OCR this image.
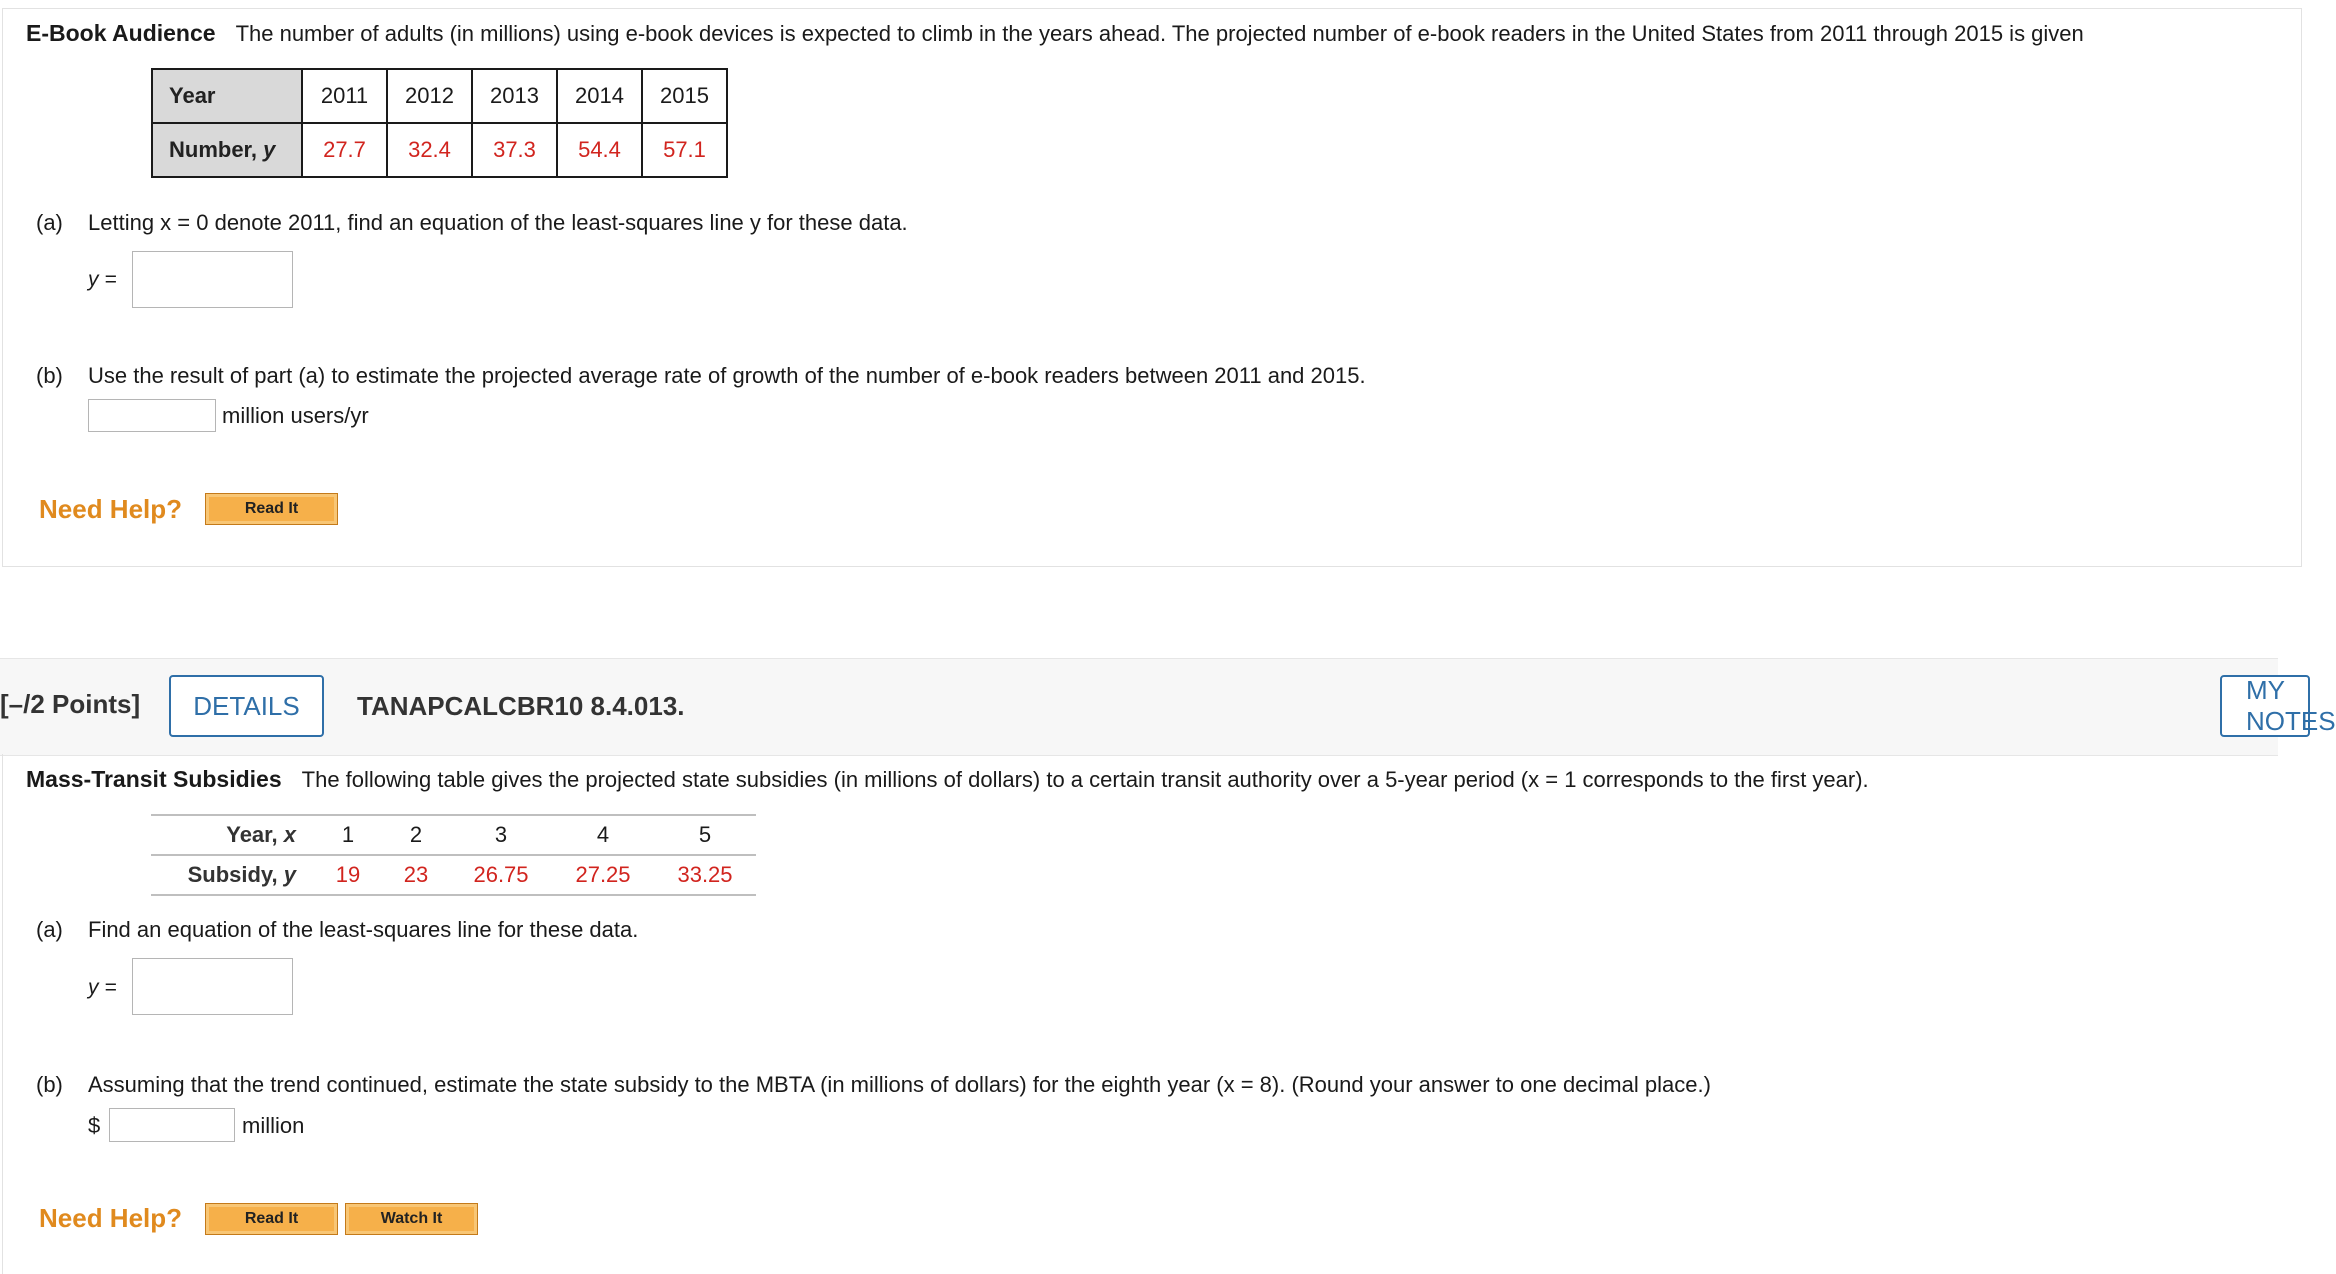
E-Book Audience The number of adults (in millions) using e-book devices is expected to climb in the years ahead. The projected number of e-book readers in the United States from 2011 through 2015 is given
Year	2011	2012	2013	2014	2015
Number, y	27.7	32.4	37.3	54.4	57.1
(a) Letting x = 0 denote 2011, find an equation of the least-squares line y for these data.
y =
(b) Use the result of part (a) to estimate the projected average rate of growth of the number of e-book readers between 2011 and 2015.
million users/yr
Need Help?	Read It
[–/2 Points]	DETAILS	TANAPCALCBR10 8.4.013.
MY NOTES
Mass-Transit Subsidies The following table gives the projected state subsidies (in millions of dollars) to a certain transit authority over a 5-year period (x = 1 corresponds to the first year).
Year, x	1	2	3	4	5
Subsidy, y	19	23	26.75	27.25	33.25
(a) Find an equation of the least-squares line for these data.
y =
(b) Assuming that the trend continued, estimate the state subsidy to the MBTA (in millions of dollars) for the eighth year (x = 8). (Round your answer to one decimal place.)
$	million
Need Help?	Read It	Watch It
